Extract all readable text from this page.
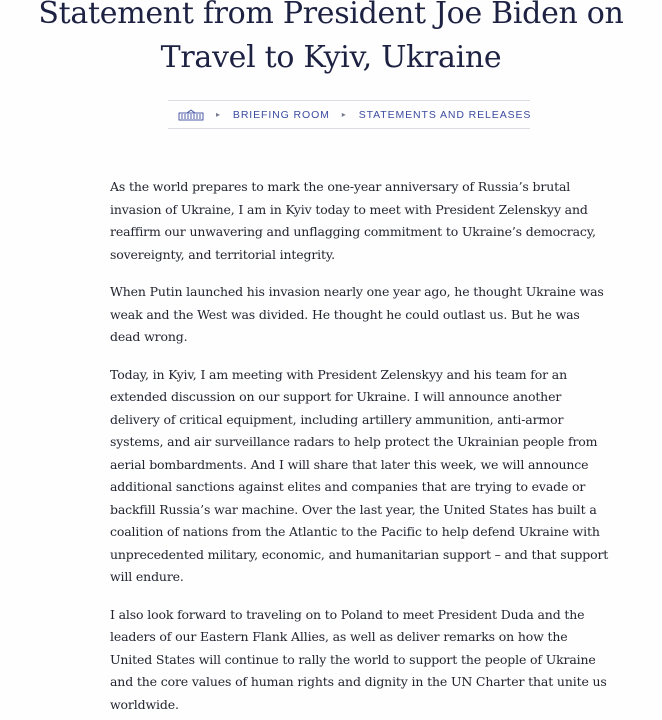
Statement from President Joe Biden on
Travel to Kyiv, Ukraine
▸ BRIEFING ROOM ▸ STATEMENTS AND RELEASES

As the world prepares to mark the one-year anniversary of Russia’s brutal invasion of Ukraine, I am in Kyiv today to meet with President Zelenskyy and reaffirm our unwavering and unflagging commitment to Ukraine’s democracy, sovereignty, and territorial integrity.

When Putin launched his invasion nearly one year ago, he thought Ukraine was weak and the West was divided. He thought he could outlast us. But he was dead wrong.

Today, in Kyiv, I am meeting with President Zelenskyy and his team for an extended discussion on our support for Ukraine. I will announce another delivery of critical equipment, including artillery ammunition, anti-armor systems, and air surveillance radars to help protect the Ukrainian people from aerial bombardments. And I will share that later this week, we will announce additional sanctions against elites and companies that are trying to evade or backfill Russia’s war machine. Over the last year, the United States has built a coalition of nations from the Atlantic to the Pacific to help defend Ukraine with unprecedented military, economic, and humanitarian support – and that support will endure.

I also look forward to traveling on to Poland to meet President Duda and the leaders of our Eastern Flank Allies, as well as deliver remarks on how the United States will continue to rally the world to support the people of Ukraine and the core values of human rights and dignity in the UN Charter that unite us worldwide.
